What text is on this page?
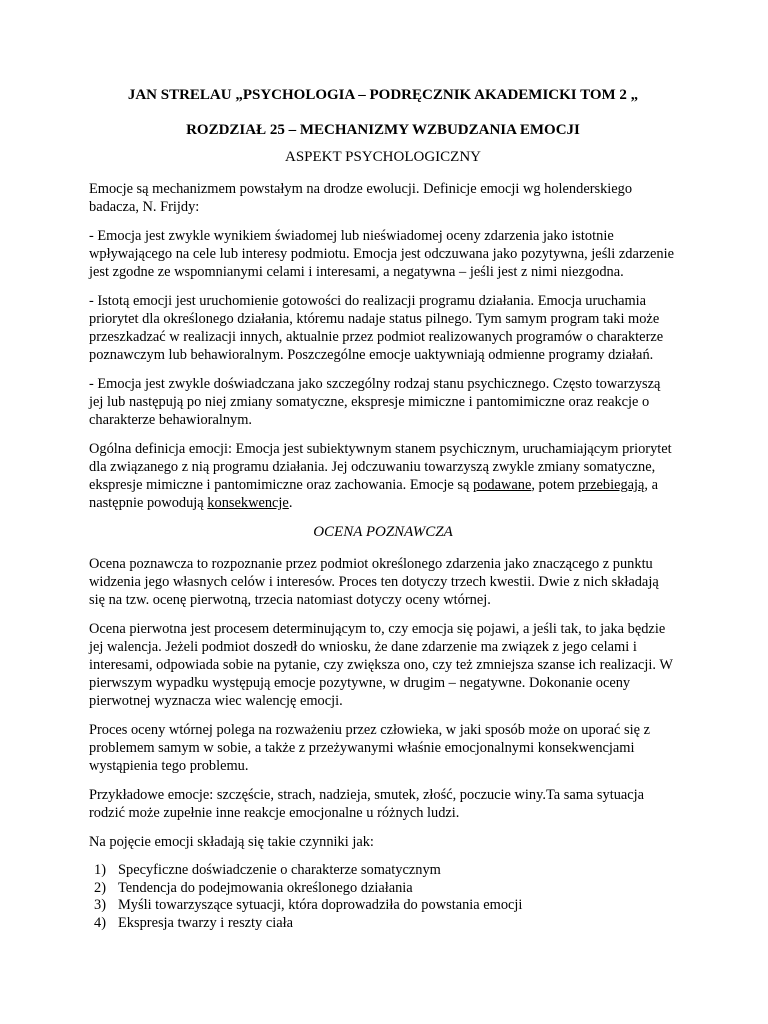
JAN STRELAU „PSYCHOLOGIA – PODRĘCZNIK AKADEMICKI TOM 2 „

ROZDZIAŁ 25 – MECHANIZMY WZBUDZANIA EMOCJI

ASPEKT PSYCHOLOGICZNY

Emocje są mechanizmem powstałym na drodze ewolucji. Definicje emocji wg holenderskiego badacza, N. Frijdy:

- Emocja jest zwykle wynikiem świadomej lub nieświadomej oceny zdarzenia jako istotnie wpływającego na cele lub interesy podmiotu. Emocja jest odczuwana jako pozytywna, jeśli zdarzenie jest zgodne ze wspomnianymi celami i interesami, a negatywna – jeśli jest z nimi niezgodna.

- Istotą emocji jest uruchomienie gotowości do realizacji programu działania. Emocja uruchamia priorytet dla określonego działania, któremu nadaje status pilnego. Tym samym program taki może przeszkadzać w realizacji innych, aktualnie przez podmiot realizowanych programów o charakterze poznawczym lub behawioralnym. Poszczególne emocje uaktywniają odmienne programy działań.

- Emocja jest zwykle doświadczana jako szczególny rodzaj stanu psychicznego. Często towarzyszą jej lub następują po niej zmiany somatyczne, ekspresje mimiczne i pantomimiczne oraz reakcje o charakterze behawioralnym.

Ogólna definicja emocji: Emocja jest subiektywnym stanem psychicznym, uruchamiającym priorytet dla związanego z nią programu działania. Jej odczuwaniu towarzyszą zwykle zmiany somatyczne, ekspresje mimiczne i pantomimiczne oraz zachowania. Emocje są podawane, potem przebiegają, a następnie powodują konsekwencje.

OCENA POZNAWCZA

Ocena poznawcza to rozpoznanie przez podmiot określonego zdarzenia jako znaczącego z punktu widzenia jego własnych celów i interesów. Proces ten dotyczy trzech kwestii. Dwie z nich składają się na tzw. ocenę pierwotną, trzecia natomiast dotyczy oceny wtórnej.

Ocena pierwotna jest procesem determinującym to, czy emocja się pojawi, a jeśli tak, to jaka będzie jej walencja. Jeżeli podmiot doszedł do wniosku, że dane zdarzenie ma związek z jego celami i interesami, odpowiada sobie na pytanie, czy zwiększa ono, czy też zmniejsza szanse ich realizacji. W pierwszym wypadku występują emocje pozytywne, w drugim – negatywne. Dokonanie oceny pierwotnej wyznacza wiec walencję emocji.

Proces oceny wtórnej polega na rozważeniu przez człowieka, w jaki sposób może on uporać się z problemem samym w sobie, a także z przeżywanymi właśnie emocjonalnymi konsekwencjami wystąpienia tego problemu.

Przykładowe emocje: szczęście, strach, nadzieja, smutek, złość, poczucie winy.Ta sama sytuacja rodzić może zupełnie inne reakcje emocjonalne u różnych ludzi.

Na pojęcie emocji składają się takie czynniki jak:

1) Specyficzne doświadczenie o charakterze somatycznym
2) Tendencja do podejmowania określonego działania
3) Myśli towarzyszące sytuacji, która doprowadziła do powstania emocji
4) Ekspresja twarzy i reszty ciała
